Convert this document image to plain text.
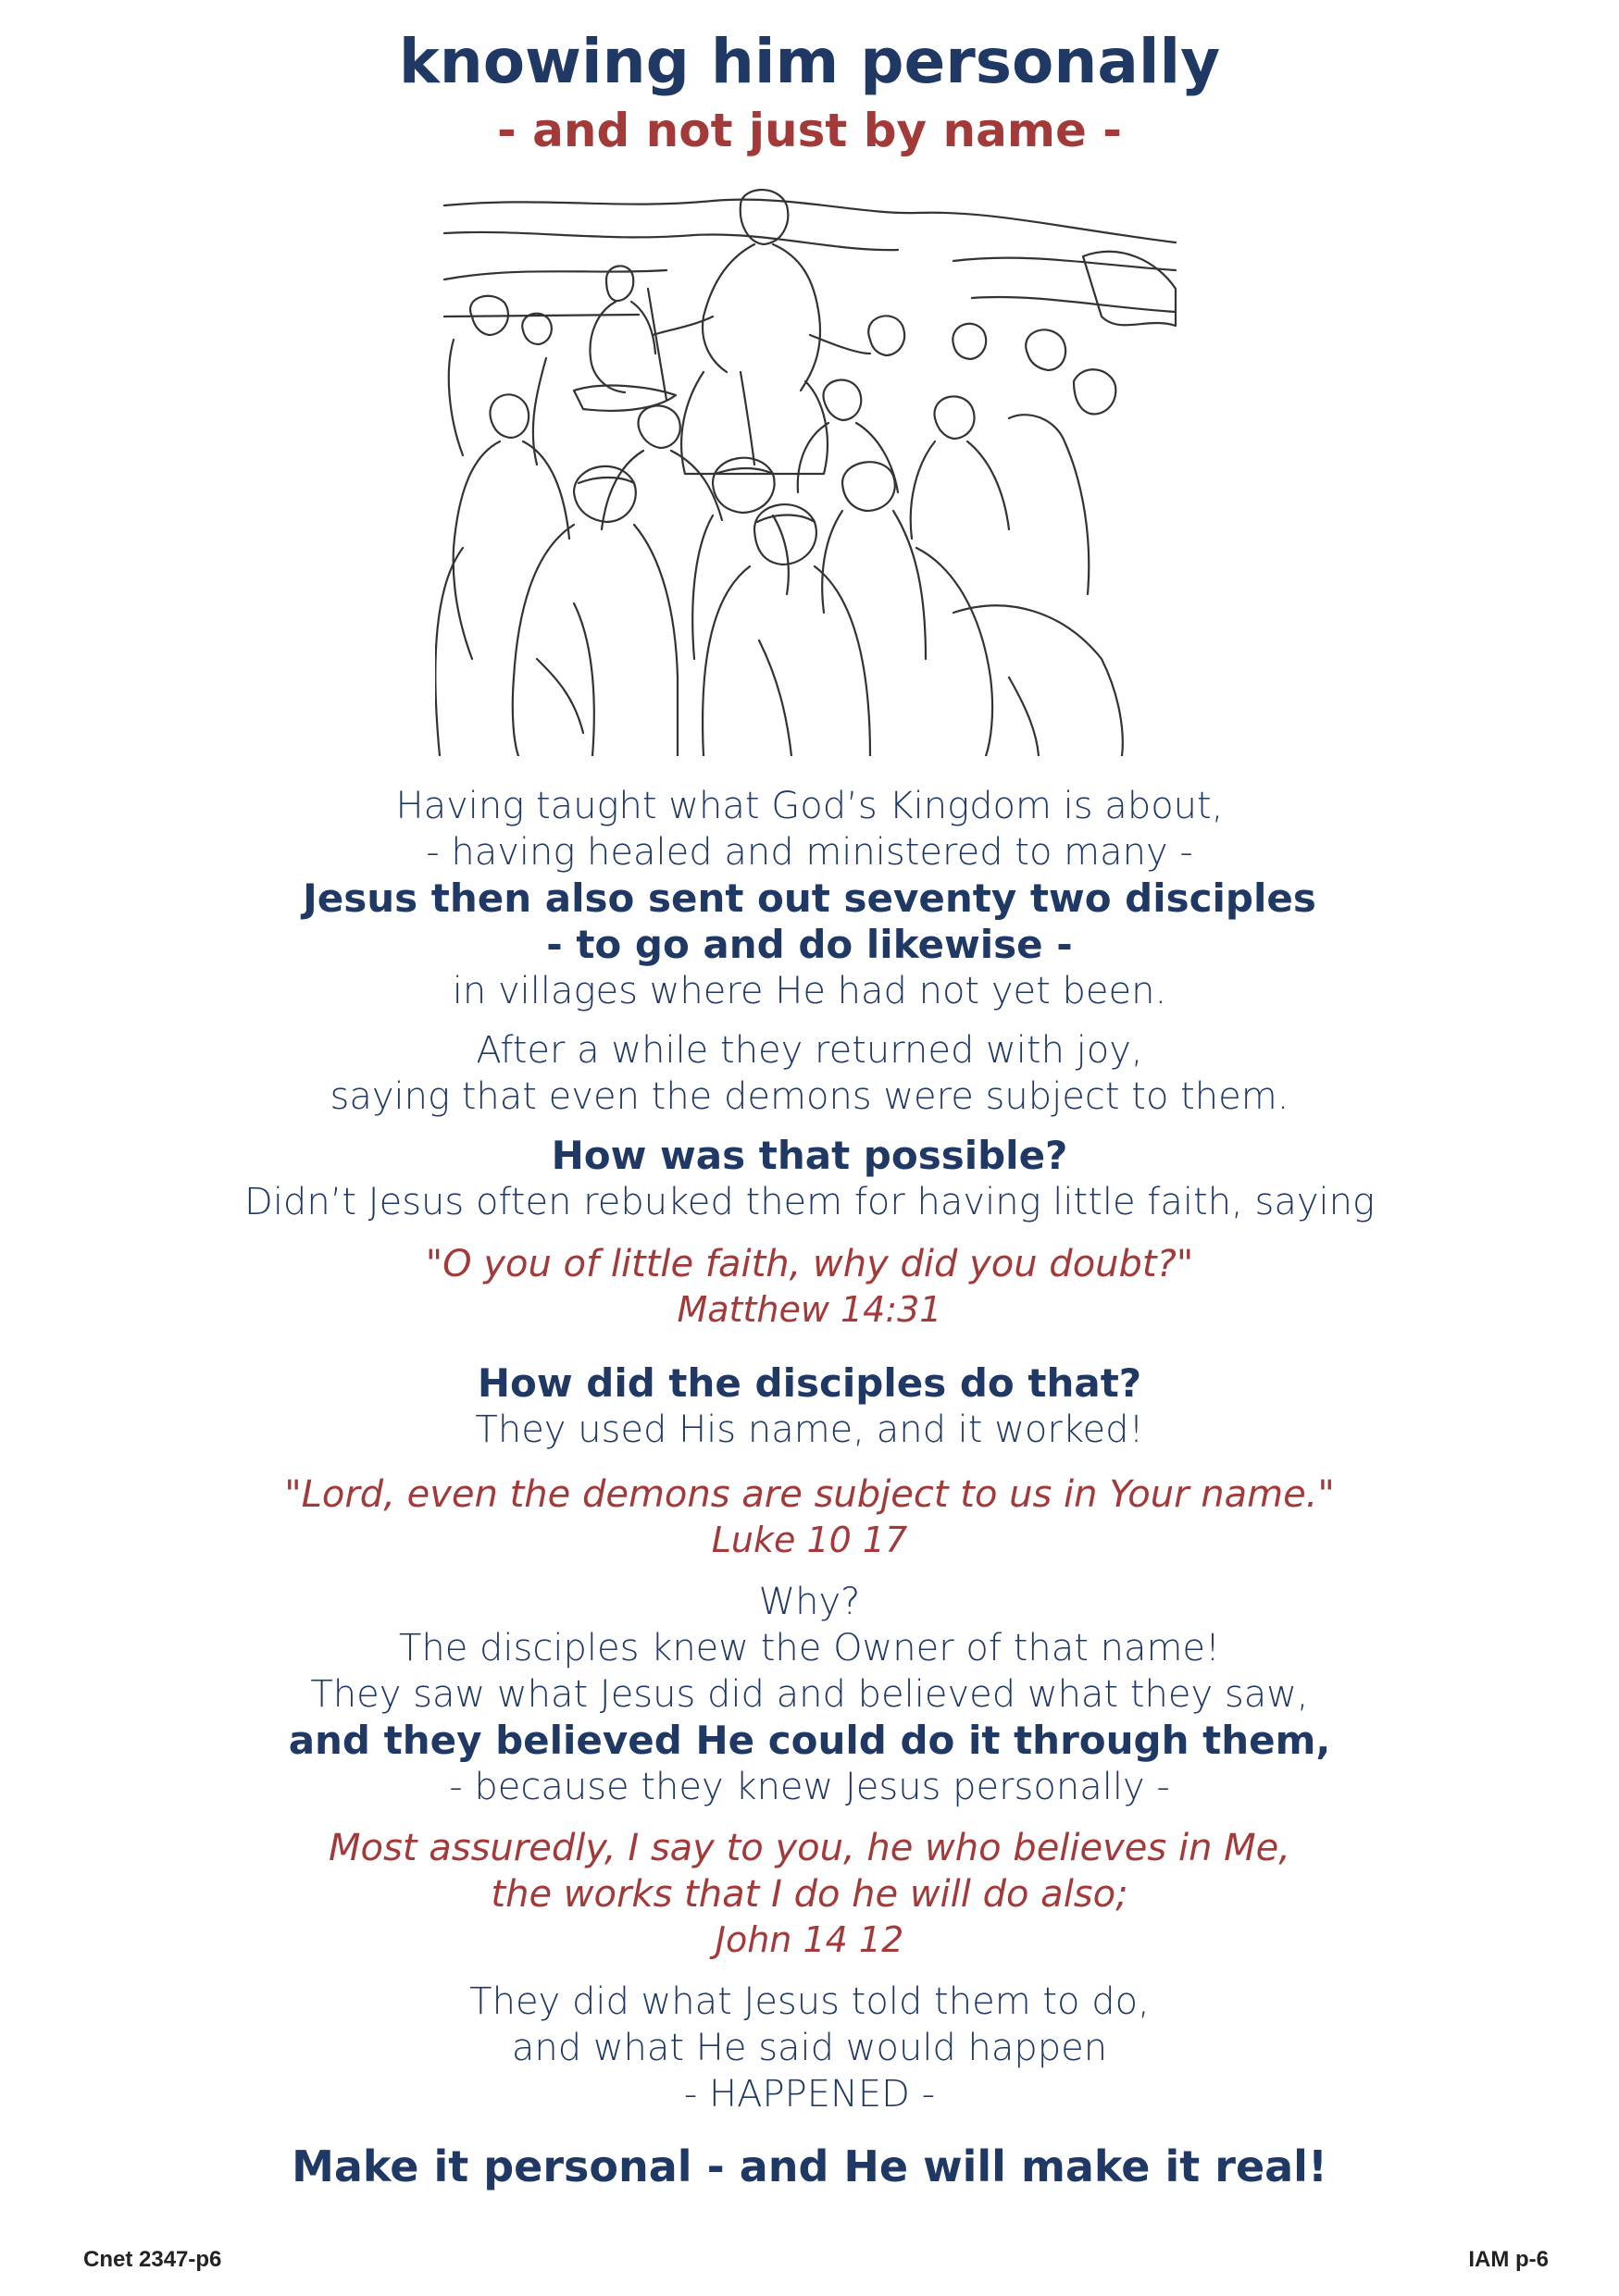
knowing him personally
- and not just by name -
Having taught what God’s Kingdom is about,
- having healed and ministered to many -
Jesus then also sent out seventy two disciples
- to go and do likewise -
in villages where He had not yet been.
After a while they returned with joy,
saying that even the demons were subject to them.
How was that possible?
Didn’t Jesus often rebuked them for having little faith, saying
"O you of little faith, why did you doubt?"
Matthew 14:31
How did the disciples do that?
They used His name, and it worked!
"Lord, even the demons are subject to us in Your name."
Luke 10 17
Why?
The disciples knew the Owner of that name!
They saw what Jesus did and believed what they saw,
and they believed He could do it through them,
- because they knew Jesus personally -
Most assuredly, I say to you, he who believes in Me,
the works that I do he will do also;
John 14 12
They did what Jesus told them to do,
and what He said would happen
- HAPPENED -
Make it personal - and He will make it real!
Cnet 2347-p6	IAM p-6
